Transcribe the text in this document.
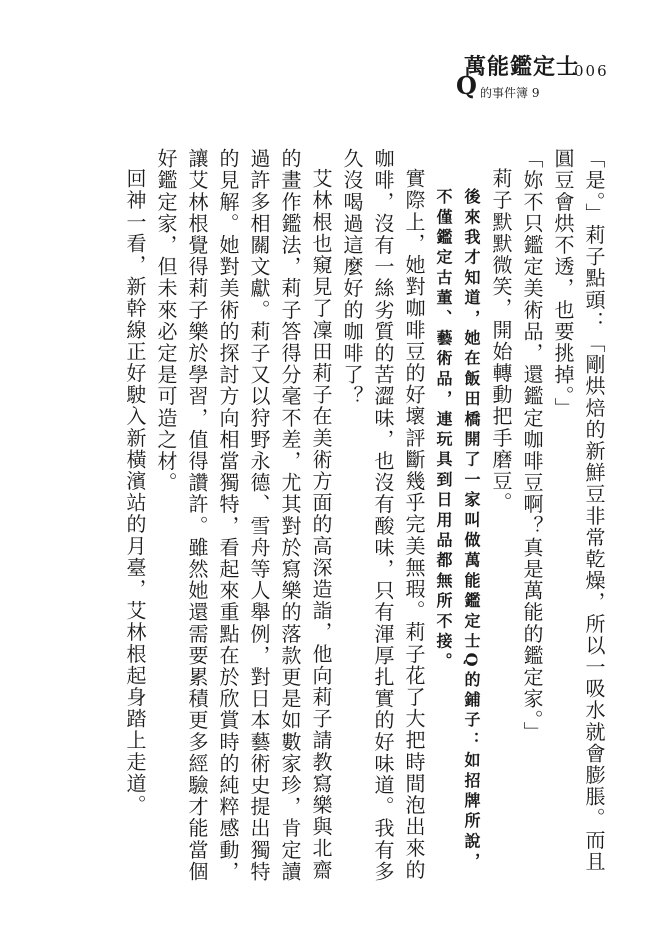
萬能鑑定士
006
Q 的事件簿 9

「是。」莉子點頭：「剛烘焙的新鮮豆非常乾燥，所以一吸水就會膨脹。而且圓豆會烘不透，也要挑掉。」

「妳不只鑑定美術品，還鑑定咖啡豆啊？真是萬能的鑑定家。」

莉子默默微笑，開始轉動把手磨豆。

後來我才知道，她在飯田橋開了一家叫做萬能鑑定士Q的鋪子：如招牌所說，不僅鑑定古董、藝術品，連玩具到日用品都無所不接。

實際上，她對咖啡豆的好壞評斷幾乎完美無瑕。莉子花了大把時間泡出來的咖啡，沒有一絲劣質的苦澀味，也沒有酸味，只有渾厚扎實的好味道。我有多久沒喝過這麼好的咖啡了？

艾林根也窺見了凜田莉子在美術方面的高深造詣，他向莉子請教寫樂與北齋的畫作鑑法，莉子答得分毫不差，尤其對於寫樂的落款更是如數家珍，肯定讀過許多相關文獻。莉子又以狩野永德、雪舟等人舉例，對日本藝術史提出獨特的見解。她對美術的探討方向相當獨特，看起來重點在於欣賞時的純粹感動，讓艾林根覺得莉子樂於學習，值得讚許。雖然她還需要累積更多經驗才能當個好鑑定家，但未來必定是可造之材。

回神一看，新幹線正好駛入新橫濱站的月臺，艾林根起身踏上走道。
